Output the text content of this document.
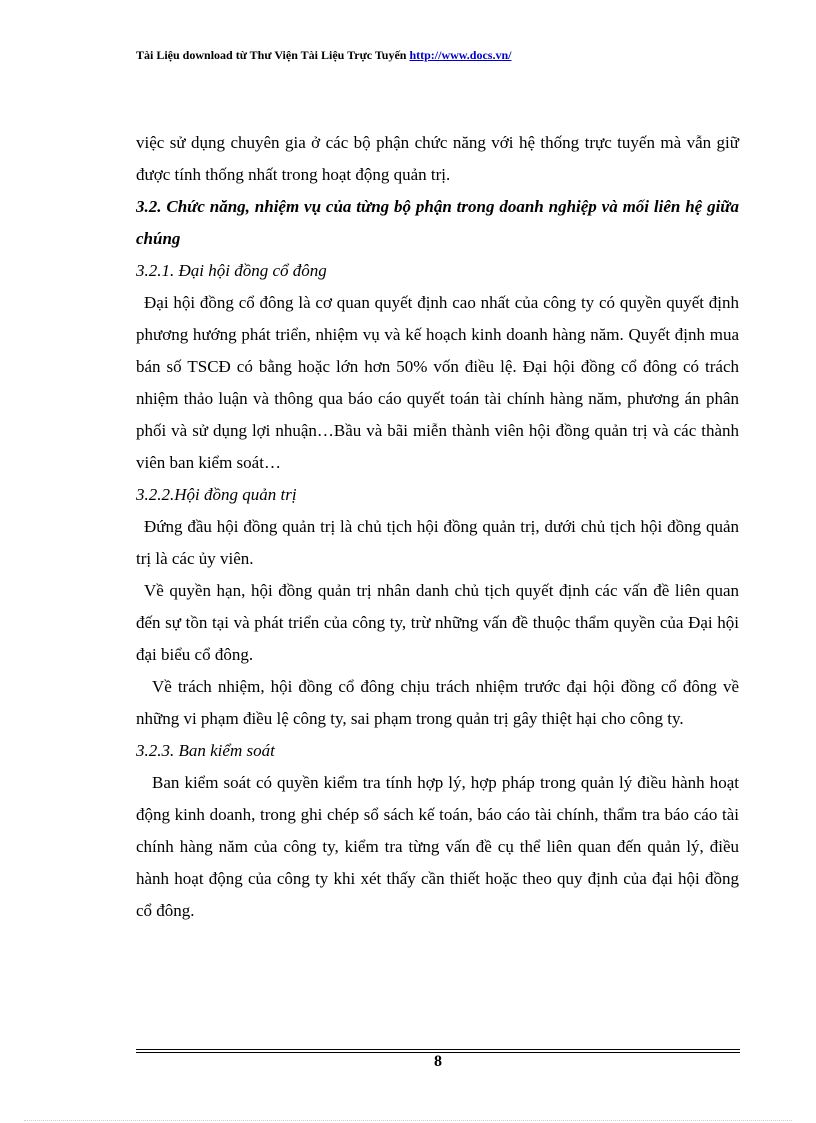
Tài Liệu download từ Thư Viện Tài Liệu Trực Tuyến http://www.docs.vn/

việc sử dụng chuyên gia ở các bộ phận chức năng với hệ thống trực tuyến mà vẫn giữ được tính thống nhất trong hoạt động quản trị.

3.2. Chức năng, nhiệm vụ của từng bộ phận trong doanh nghiệp và mối liên hệ giữa chúng
3.2.1. Đại hội đồng cổ đông

Đại hội đồng cổ đông là cơ quan quyết định cao nhất của công ty có quyền quyết định phương hướng phát triển, nhiệm vụ và kế hoạch kinh doanh hàng năm. Quyết định mua bán số TSCĐ có bằng hoặc lớn hơn 50% vốn điều lệ. Đại hội đồng cổ đông có trách nhiệm thảo luận và thông qua báo cáo quyết toán tài chính hàng năm, phương án phân phối và sử dụng lợi nhuận…Bầu và bãi miễn thành viên hội đồng quản trị và các thành viên ban kiểm soát…

3.2.2.Hội đồng quản trị

Đứng đầu hội đồng quản trị là chủ tịch hội đồng quản trị, dưới chủ tịch hội đồng quản trị là các ủy viên.

Về quyền hạn, hội đồng quản trị nhân danh chủ tịch quyết định các vấn đề liên quan đến sự tồn tại và phát triển của công ty, trừ những vấn đề thuộc thẩm quyền của Đại hội đại biểu cổ đông.

Về trách nhiệm, hội đồng cổ đông chịu trách nhiệm trước đại hội đồng cổ đông về những vi phạm điều lệ công ty, sai phạm trong quản trị gây thiệt hại cho công ty.

3.2.3. Ban kiểm soát

Ban kiểm soát có quyền kiểm tra tính hợp lý, hợp pháp trong quản lý điều hành hoạt động kinh doanh, trong ghi chép sổ sách kế toán, báo cáo tài chính, thẩm tra báo cáo tài chính hàng năm của công ty, kiểm tra từng vấn đề cụ thể liên quan đến quản lý, điều hành hoạt động của công ty khi xét thấy cần thiết hoặc theo quy định của đại hội đồng cổ đông.

8
